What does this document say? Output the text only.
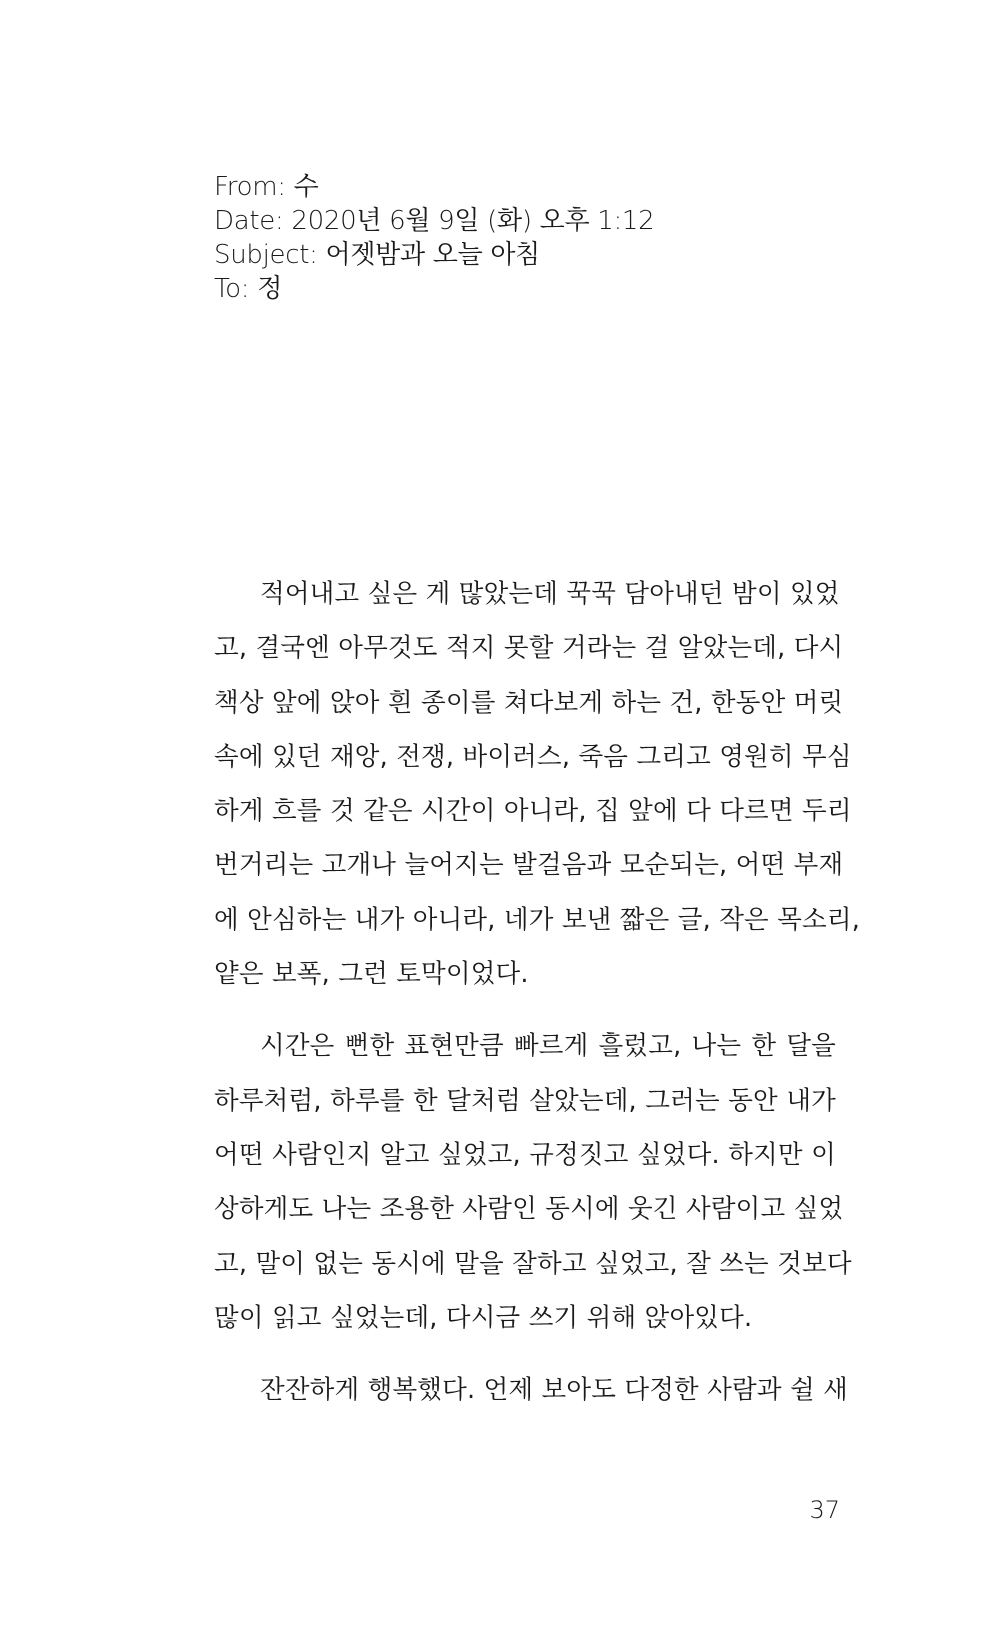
From: 수
Date: 2020년 6월 9일 (화) 오후 1:12
Subject: 어젯밤과 오늘 아침
To: 정
적어내고 싶은 게 많았는데 꾹꾹 담아내던 밤이 있었
고, 결국엔 아무것도 적지 못할 거라는 걸 알았는데, 다시
책상 앞에 앉아 흰 종이를 쳐다보게 하는 건, 한동안 머릿
속에 있던 재앙, 전쟁, 바이러스, 죽음 그리고 영원히 무심
하게 흐를 것 같은 시간이 아니라, 집 앞에 다 다르면 두리
번거리는 고개나 늘어지는 발걸음과 모순되는, 어떤 부재
에 안심하는 내가 아니라, 네가 보낸 짧은 글, 작은 목소리,
얕은 보폭, 그런 토막이었다.
시간은 뻔한 표현만큼 빠르게 흘렀고, 나는 한 달을
하루처럼, 하루를 한 달처럼 살았는데, 그러는 동안 내가
어떤 사람인지 알고 싶었고, 규정짓고 싶었다. 하지만 이
상하게도 나는 조용한 사람인 동시에 웃긴 사람이고 싶었
고, 말이 없는 동시에 말을 잘하고 싶었고, 잘 쓰는 것보다
많이 읽고 싶었는데, 다시금 쓰기 위해 앉아있다.
잔잔하게 행복했다. 언제 보아도 다정한 사람과 쉴 새
37
